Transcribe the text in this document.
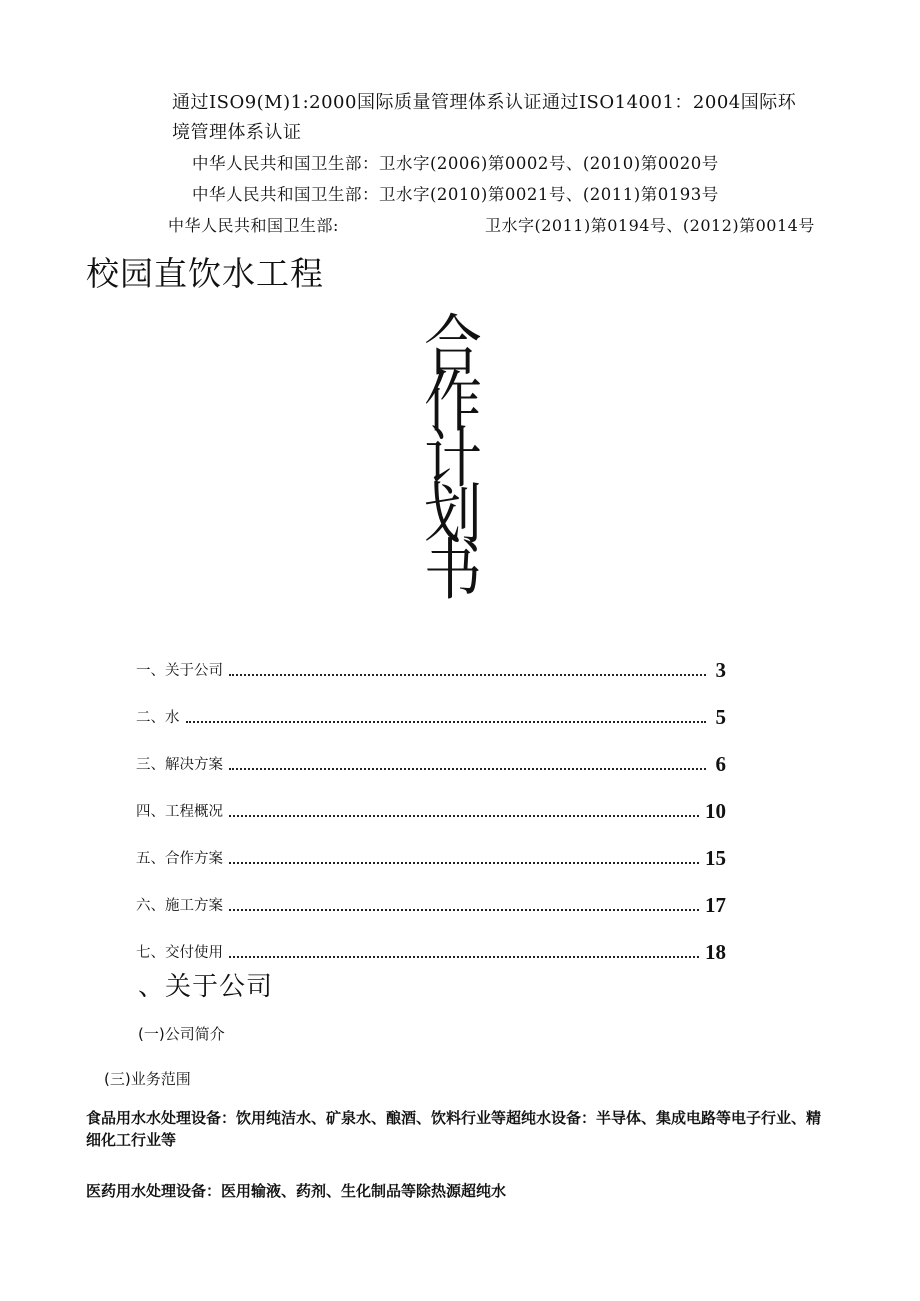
通过ISO9(M)1:2000国际质量管理体系认证通过ISO14001：2004国际环
境管理体系认证
中华人民共和国卫生部：卫水字(2006)第0002号、(2010)第0020号
中华人民共和国卫生部：卫水字(2010)第0021号、(2011)第0193号
中华人民共和国卫生部:	卫水字(2011)第0194号、(2012)第0014号
校园直饮水工程
合
作
计
划
书
一、关于公司	3
二、水	5
三、解决方案	6
四、工程概况	10
五、合作方案	15
六、施工方案	17
七、交付使用	18
、关于公司
(一)公司简介
(三)业务范围
食品用水水处理设备：饮用纯洁水、矿泉水、酿酒、饮料行业等超纯水设备：半导体、集成电路等电子行业、精细化工行业等
医药用水处理设备：医用输液、药剂、生化制品等除热源超纯水
